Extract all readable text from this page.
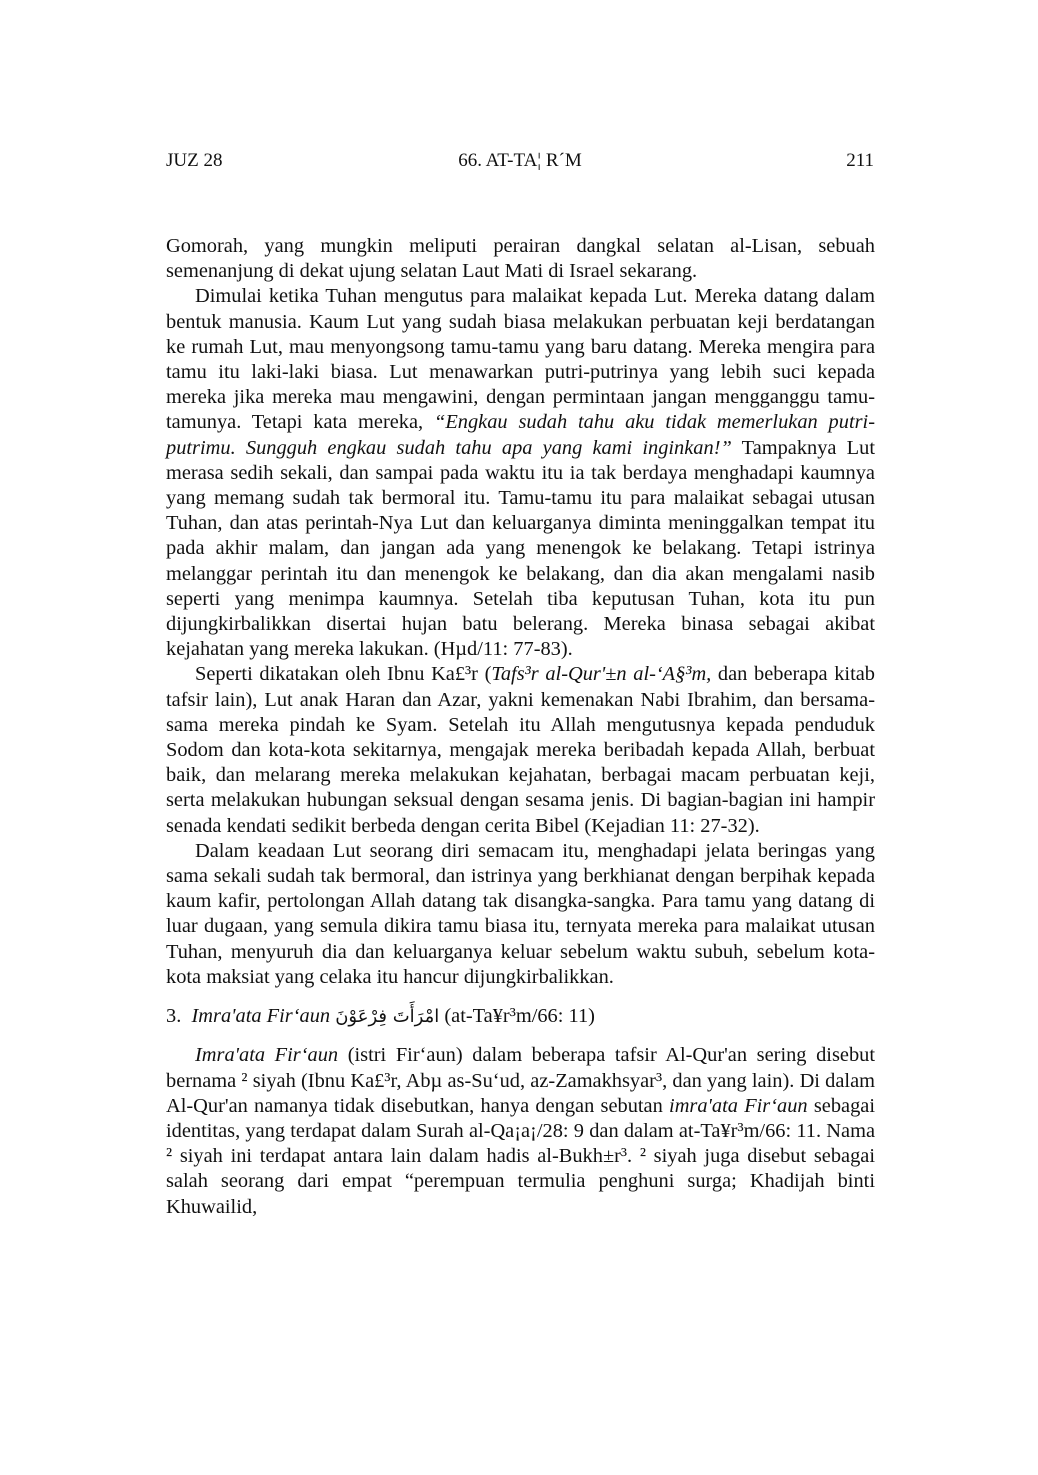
JUZ 28	66. AT-TA¦ R´M	211

Gomorah, yang mungkin meliputi perairan dangkal selatan al-Lisan, sebuah semenanjung di dekat ujung selatan Laut Mati di Israel sekarang.

Dimulai ketika Tuhan mengutus para malaikat kepada Lut. Mereka datang dalam bentuk manusia. Kaum Lut yang sudah biasa melakukan perbuatan keji berdatangan ke rumah Lut, mau menyongsong tamu-tamu yang baru datang. Mereka mengira para tamu itu laki-laki biasa. Lut menawarkan putri-putrinya yang lebih suci kepada mereka jika mereka mau mengawini, dengan permintaan jangan mengganggu tamu-tamunya. Tetapi kata mereka, “Engkau sudah tahu aku tidak memerlukan putri-putrimu. Sungguh engkau sudah tahu apa yang kami inginkan!” Tampaknya Lut merasa sedih sekali, dan sampai pada waktu itu ia tak berdaya menghadapi kaumnya yang memang sudah tak bermoral itu. Tamu-tamu itu para malaikat sebagai utusan Tuhan, dan atas perintah-Nya Lut dan keluarganya diminta meninggalkan tempat itu pada akhir malam, dan jangan ada yang menengok ke belakang. Tetapi istrinya melanggar perintah itu dan menengok ke belakang, dan dia akan mengalami nasib seperti yang menimpa kaumnya. Setelah tiba keputusan Tuhan, kota itu pun dijungkirbalikkan disertai hujan batu belerang. Mereka binasa sebagai akibat kejahatan yang mereka lakukan. (Hµd/11: 77-83).

Seperti dikatakan oleh Ibnu Ka£³r (Tafs³r al-Qur'±n al-‘A§³m, dan beberapa kitab tafsir lain), Lut anak Haran dan Azar, yakni kemenakan Nabi Ibrahim, dan bersama-sama mereka pindah ke Syam. Setelah itu Allah mengutusnya kepada penduduk Sodom dan kota-kota sekitarnya, mengajak mereka beribadah kepada Allah, berbuat baik, dan melarang mereka melakukan kejahatan, berbagai macam perbuatan keji, serta melakukan hubungan seksual dengan sesama jenis. Di bagian-bagian ini hampir senada kendati sedikit berbeda dengan cerita Bibel (Kejadian 11: 27-32).

Dalam keadaan Lut seorang diri semacam itu, menghadapi jelata beringas yang sama sekali sudah tak bermoral, dan istrinya yang berkhianat dengan berpihak kepada kaum kafir, pertolongan Allah datang tak disangka-sangka. Para tamu yang datang di luar dugaan, yang semula dikira tamu biasa itu, ternyata mereka para malaikat utusan Tuhan, menyuruh dia dan keluarganya keluar sebelum waktu subuh, sebelum kota-kota maksiat yang celaka itu hancur dijungkirbalikkan.

3. Imra'ata Fir‘aun امْرَأَتَ فِرْعَوْنَ (at-Ta¥r³m/66: 11)

Imra'ata Fir‘aun (istri Fir‘aun) dalam beberapa tafsir Al-Qur'an sering disebut bernama ² siyah (Ibnu Ka£³r, Abµ as-Su‘ud, az-Zamakhsyar³, dan yang lain). Di dalam Al-Qur'an namanya tidak disebutkan, hanya dengan sebutan imra'ata Fir‘aun sebagai identitas, yang terdapat dalam Surah al-Qa¡a¡/28: 9 dan dalam at-Ta¥r³m/66: 11. Nama ² siyah ini terdapat antara lain dalam hadis al-Bukh±r³. ² siyah juga disebut sebagai salah seorang dari empat “perempuan termulia penghuni surga; Khadijah binti Khuwailid,
